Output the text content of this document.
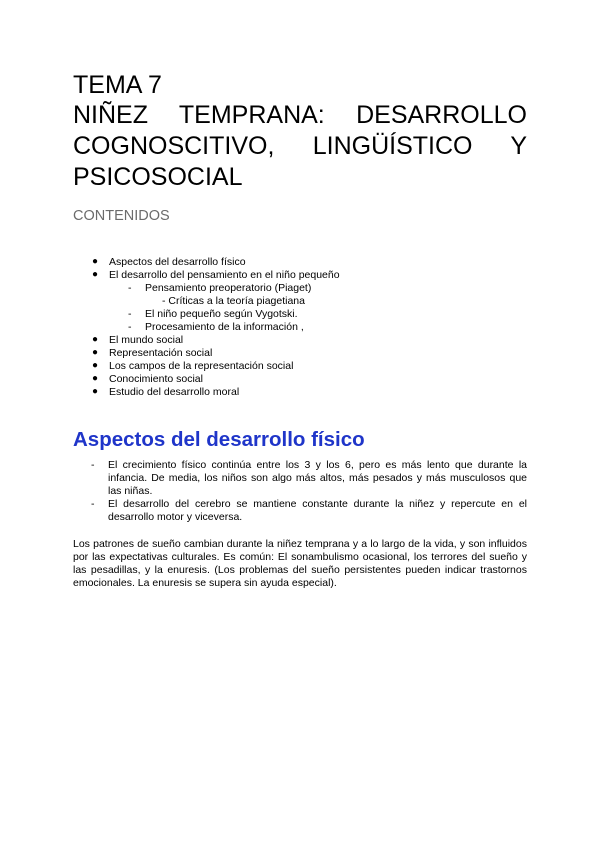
TEMA 7
NIÑEZ TEMPRANA: DESARROLLO
COGNOSCITIVO, LINGÜÍSTICO Y
PSICOSOCIAL
CONTENIDOS
● Aspectos del desarrollo físico
● El desarrollo del pensamiento en el niño pequeño
- Pensamiento preoperatorio (Piaget)
- Críticas a la teoría piagetiana
- El niño pequeño según Vygotski.
- Procesamiento de la información ,
● El mundo social
● Representación social
● Los campos de la representación social
● Conocimiento social
● Estudio del desarrollo moral
Aspectos del desarrollo físico
- El crecimiento físico continúa entre los 3 y los 6, pero es más lento que durante la infancia. De media, los niños son algo más altos, más pesados y más musculosos que las niñas.
- El desarrollo del cerebro se mantiene constante durante la niñez y repercute en el desarrollo motor y viceversa.
Los patrones de sueño cambian durante la niñez temprana y a lo largo de la vida, y son influidos por las expectativas culturales. Es común: El sonambulismo ocasional, los terrores del sueño y las pesadillas, y la enuresis. (Los problemas del sueño persistentes pueden indicar trastornos emocionales. La enuresis se supera sin ayuda especial).
